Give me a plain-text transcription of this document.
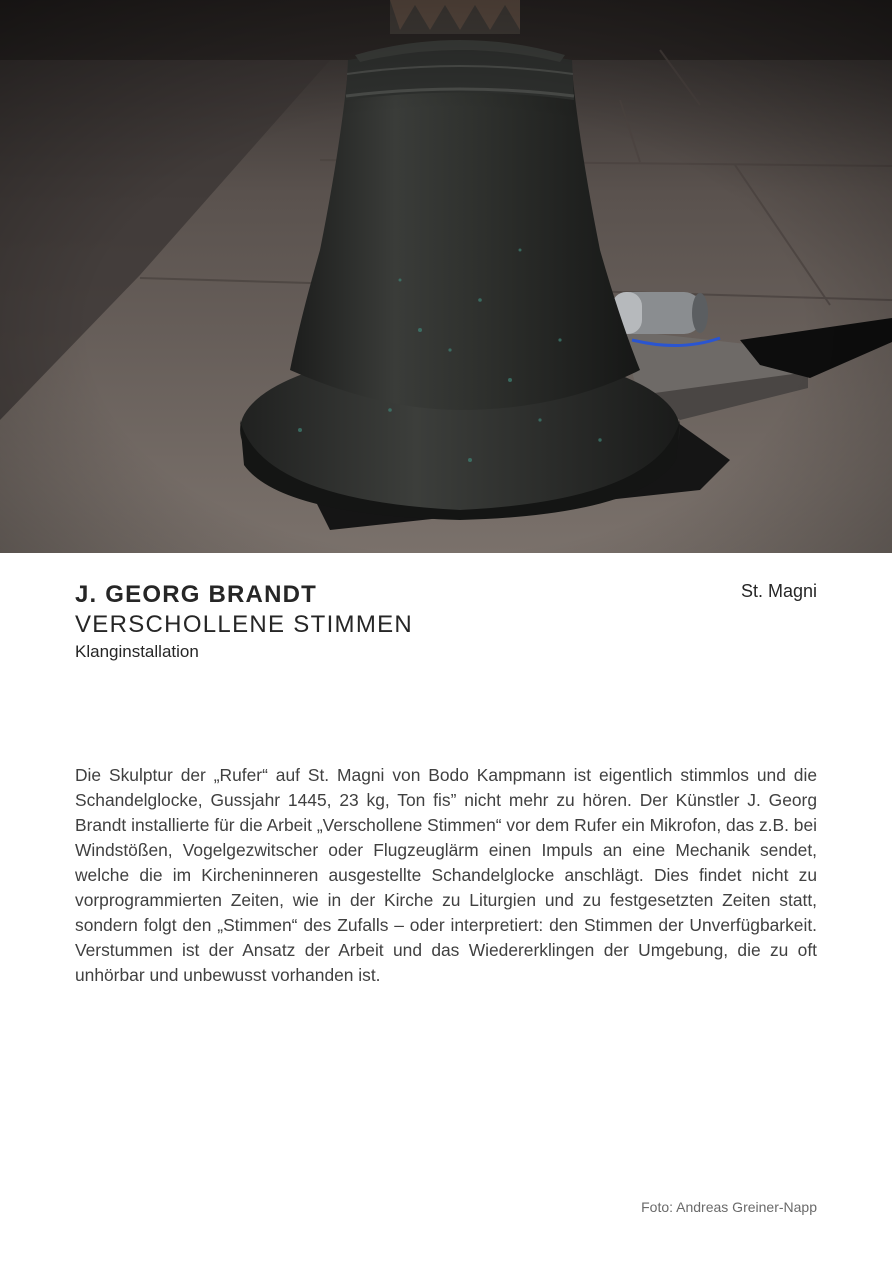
J. GEORG BRANDT

VERSCHOLLENE STIMMEN

Klanginstallation

St. Magni

Die Skulptur der „Rufer“ auf St. Magni von Bodo Kampmann ist eigentlich stimmlos und die Schandelglocke, Gussjahr 1445, 23 kg, Ton fis” nicht mehr zu hören. Der Künstler J. Georg Brandt installierte für die Arbeit „Verschollene Stimmen“ vor dem Rufer ein Mikrofon, das z.B. bei Windstößen, Vogelgezwitscher oder Flugzeuglärm einen Impuls an eine Mechanik sendet, welche die im Kircheninneren ausgestellte Schandelglocke anschlägt. Dies findet nicht zu vorprogrammierten Zeiten, wie in der Kirche zu Liturgien und zu festgesetzten Zeiten statt, sondern folgt den „Stimmen“ des Zufalls – oder interpretiert: den Stimmen der Unverfügbarkeit. Verstummen ist der Ansatz der Arbeit und das Wiedererklingen der Umgebung, die zu oft unhörbar und unbewusst vorhanden ist.

Foto: Andreas Greiner-Napp
